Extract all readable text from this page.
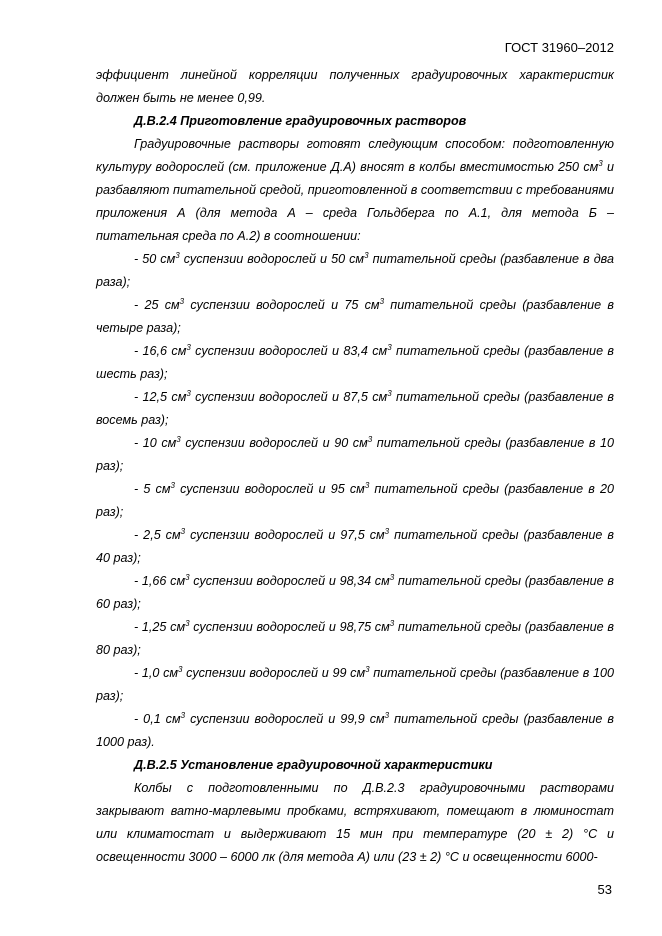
ГОСТ 31960–2012

эффициент линейной корреляции полученных градуировочных характеристик должен быть не менее 0,99.

Д.В.2.4 Приготовление градуировочных растворов

Градуировочные растворы готовят следующим способом: подготовленную культуру водорослей (см. приложение Д.А) вносят в колбы вместимостью 250 $см^3$ и разбавляют питательной средой, приготовленной в соответствии с требованиями приложения А (для метода А – среда Гольдберга по А.1, для метода Б – питательная среда по А.2) в соотношении:

- 50 $см^3$ суспензии водорослей и 50 $см^3$ питательной среды (разбавление в два раза);

- 25 $см^3$ суспензии водорослей и 75 $см^3$ питательной среды (разбавление в четыре раза);

- 16,6 $см^3$ суспензии водорослей и 83,4 $см^3$ питательной среды (разбавление в шесть раз);

- 12,5 $см^3$ суспензии водорослей и 87,5 $см^3$ питательной среды (разбавление в восемь раз);

- 10 $см^3$ суспензии водорослей и 90 $см^3$ питательной среды (разбавление в 10 раз);

- 5 $см^3$ суспензии водорослей и 95 $см^3$ питательной среды (разбавление в 20 раз);

- 2,5 $см^3$ суспензии водорослей и 97,5 $см^3$ питательной среды (разбавление в 40 раз);

- 1,66 $см^3$ суспензии водорослей и 98,34 $см^3$ питательной среды (разбавление в 60 раз);

- 1,25 $см^3$ суспензии водорослей и 98,75 $см^3$ питательной среды (разбавление в 80 раз);

- 1,0 $см^3$ суспензии водорослей и 99 $см^3$ питательной среды (разбавление в 100 раз);

- 0,1 $см^3$ суспензии водорослей и 99,9 $см^3$ питательной среды (разбавление в 1000 раз).

Д.В.2.5 Установление градуировочной характеристики

Колбы с подготовленными по Д.В.2.3 градуировочными растворами закрывают ватно-марлевыми пробками, встряхивают, помещают в люминостат или климатостат и выдерживают 15 мин при температуре (20 ± 2) °С и освещенности 3000 – 6000 лк (для метода А) или (23 ± 2) °С и освещенности 6000-

53
